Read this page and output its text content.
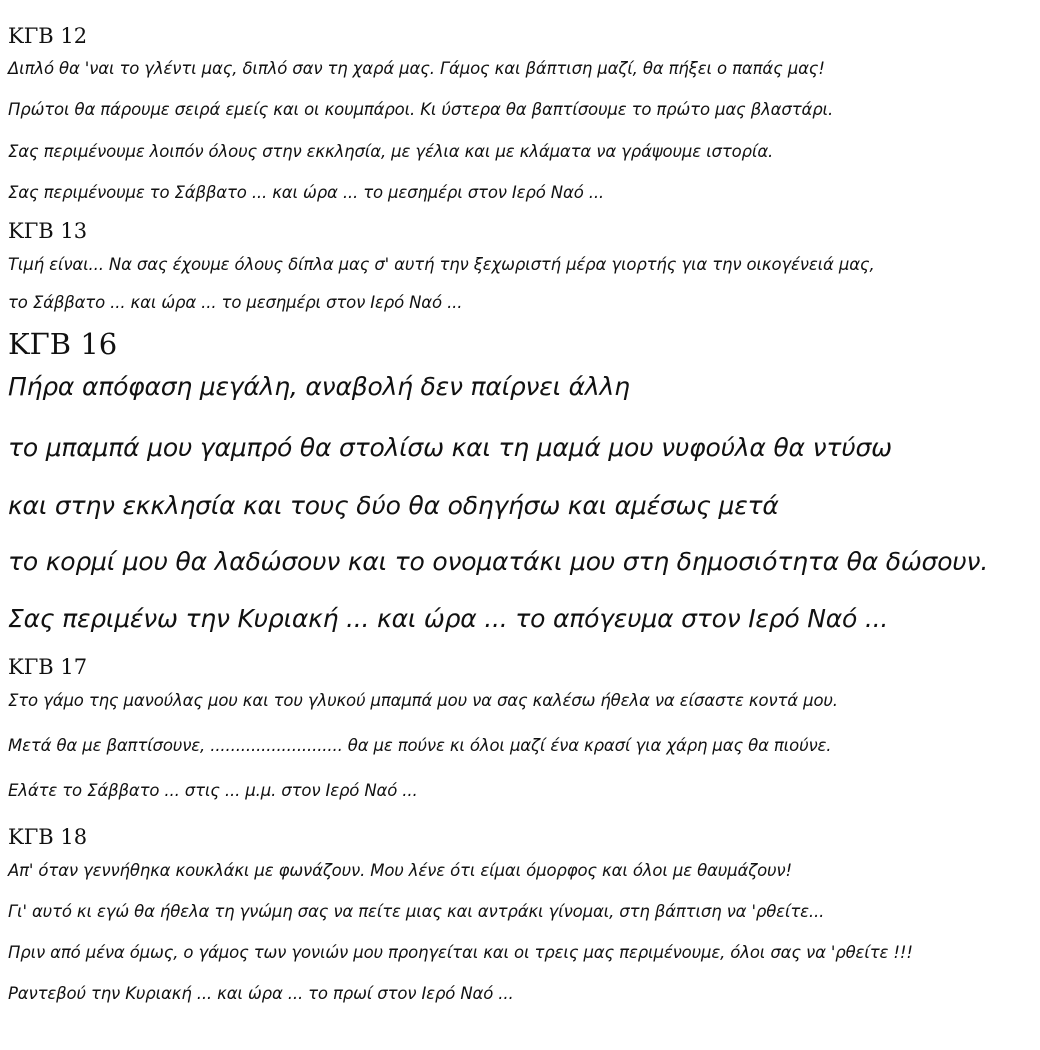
ΚΓΒ 12
Διπλό θα 'ναι το γλέντι μας, διπλό σαν τη χαρά μας. Γάμος και βάπτιση μαζί, θα πήξει ο παπάς μας!
Πρώτοι θα πάρουμε σειρά εμείς και οι κουμπάροι. Κι ύστερα θα βαπτίσουμε το πρώτο μας βλαστάρι.
Σας περιμένουμε λοιπόν όλους στην εκκλησία, με γέλια και με κλάματα να γράψουμε ιστορία.
Σας περιμένουμε το Σάββατο ... και ώρα ... το μεσημέρι στον Ιερό Ναό ...
ΚΓΒ 13
Τιμή είναι... Να σας έχουμε όλους δίπλα μας σ' αυτή την ξεχωριστή μέρα γιορτής για την οικογένειά μας,
το Σάββατο ... και ώρα ... το μεσημέρι στον Ιερό Ναό ...
ΚΓΒ 16
Πήρα απόφαση μεγάλη, αναβολή δεν παίρνει άλλη
το μπαμπά μου γαμπρό θα στολίσω και τη μαμά μου νυφούλα θα ντύσω
και στην εκκλησία και τους δύο θα οδηγήσω και αμέσως μετά
το κορμί μου θα λαδώσουν και το ονοματάκι μου στη δημοσιότητα θα δώσουν.
Σας περιμένω την Κυριακή ... και ώρα ... το απόγευμα στον Ιερό Ναό ...
ΚΓΒ 17
Στο γάμο της μανούλας μου και του γλυκού μπαμπά μου να σας καλέσω ήθελα να είσαστε κοντά μου.
Μετά θα με βαπτίσουνε, .......................... θα με πούνε κι όλοι μαζί ένα κρασί για χάρη μας θα πιούνε.
Ελάτε το Σάββατο ... στις ... μ.μ. στον Ιερό Ναό ...
ΚΓΒ 18
Απ' όταν γεννήθηκα κουκλάκι με φωνάζουν. Μου λένε ότι είμαι όμορφος και όλοι με θαυμάζουν!
Γι' αυτό κι εγώ θα ήθελα τη γνώμη σας να πείτε μιας και αντράκι γίνομαι, στη βάπτιση να 'ρθείτε...
Πριν από μένα όμως, ο γάμος των γονιών μου προηγείται και οι τρεις μας περιμένουμε, όλοι σας να 'ρθείτε !!!
Ραντεβού την Κυριακή ... και ώρα ... το πρωί στον Ιερό Ναό ...
